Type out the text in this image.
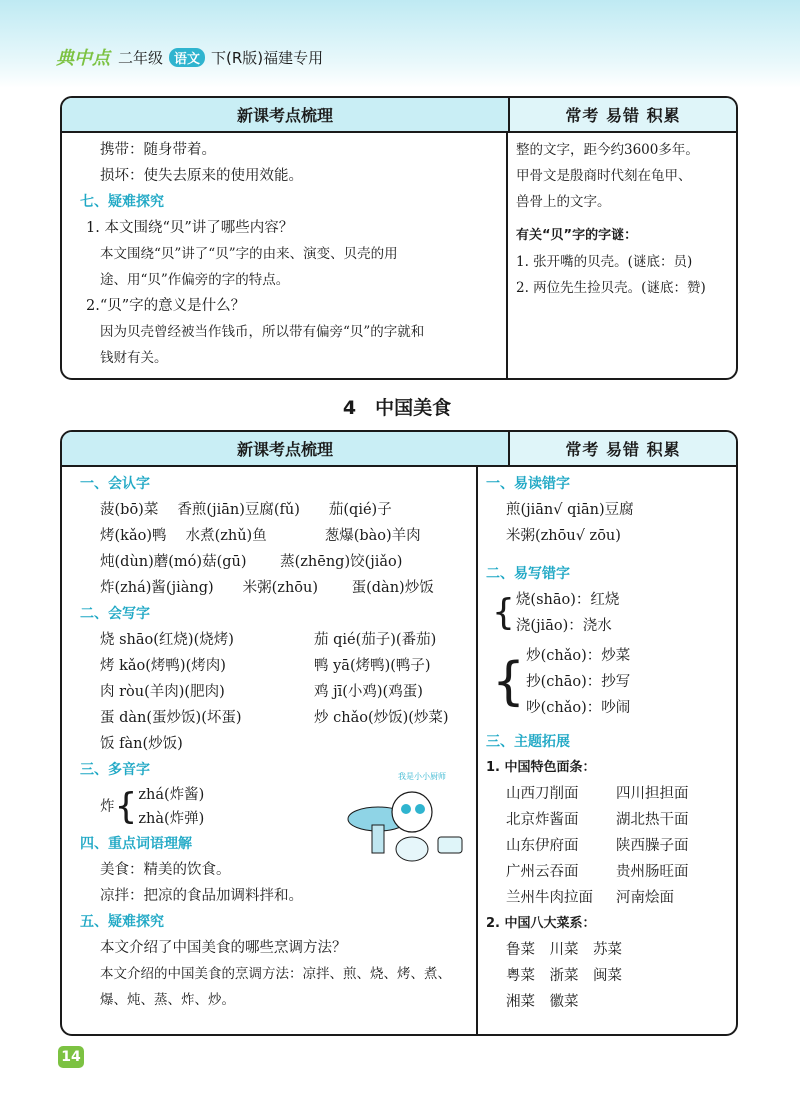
典中点 二年级 语文 下(R版)福建专用
新课考点梳理	常考 易错 积累
携带：随身带着。
损坏：使失去原来的使用效能。
七、疑难探究
1. 本文围绕“贝”讲了哪些内容？
本文围绕“贝”讲了“贝”字的由来、演变、贝壳的用
途、用“贝”作偏旁的字的特点。
2.“贝”字的意义是什么？
因为贝壳曾经被当作钱币，所以带有偏旁“贝”的字就和
钱财有关。
整的文字，距今约3600多年。
甲骨文是殷商时代刻在龟甲、
兽骨上的文字。
有关“贝”字的字谜：
1. 张开嘴的贝壳。(谜底：员)
2. 两位先生捡贝壳。(谜底：赞)
4　中国美食
新课考点梳理	常考 易错 积累
一、会认字
菠(bō)菜　 香煎(jiān)豆腐(fǔ)　　茄(qié)子
烤(kǎo)鸭　 水煮(zhǔ)鱼　　　　葱爆(bào)羊肉
炖(dùn)蘑(mó)菇(gū)　　 蒸(zhēng)饺(jiǎo)
炸(zhá)酱(jiàng)　　米粥(zhōu)　　 蛋(dàn)炒饭
二、会写字
烧 shāo(红烧)(烧烤)	茄 qié(茄子)(番茄)
烤 kǎo(烤鸭)(烤肉)	鸭 yā(烤鸭)(鸭子)
肉 ròu(羊肉)(肥肉)	鸡 jī(小鸡)(鸡蛋)
蛋 dàn(蛋炒饭)(坏蛋)	炒 chǎo(炒饭)(炒菜)
饭 fàn(炒饭)
三、多音字
炸 { zhá(炸酱)
zhà(炸弹)
四、重点词语理解
美食：精美的饮食。
凉拌：把凉的食品加调料拌和。
五、疑难探究
本文介绍了中国美食的哪些烹调方法？
本文介绍的中国美食的烹调方法：凉拌、煎、烧、烤、煮、
爆、炖、蒸、炸、炒。
我是小小厨师
一、易读错字
煎(jiān√ qiān)豆腐
米粥(zhōu√ zōu)
二、易写错字
{ 烧(shāo)：红烧
浇(jiāo)：浇水
{ 炒(chǎo)：炒菜
抄(chāo)：抄写
吵(chǎo)：吵闹
三、主题拓展
1. 中国特色面条：
山西刀削面	四川担担面
北京炸酱面	湖北热干面
山东伊府面	陕西臊子面
广州云吞面	贵州肠旺面
兰州牛肉拉面 河南烩面
2. 中国八大菜系：
鲁菜　 川菜　 苏菜
粤菜　 浙菜　 闽菜
湘菜　 徽菜
14
